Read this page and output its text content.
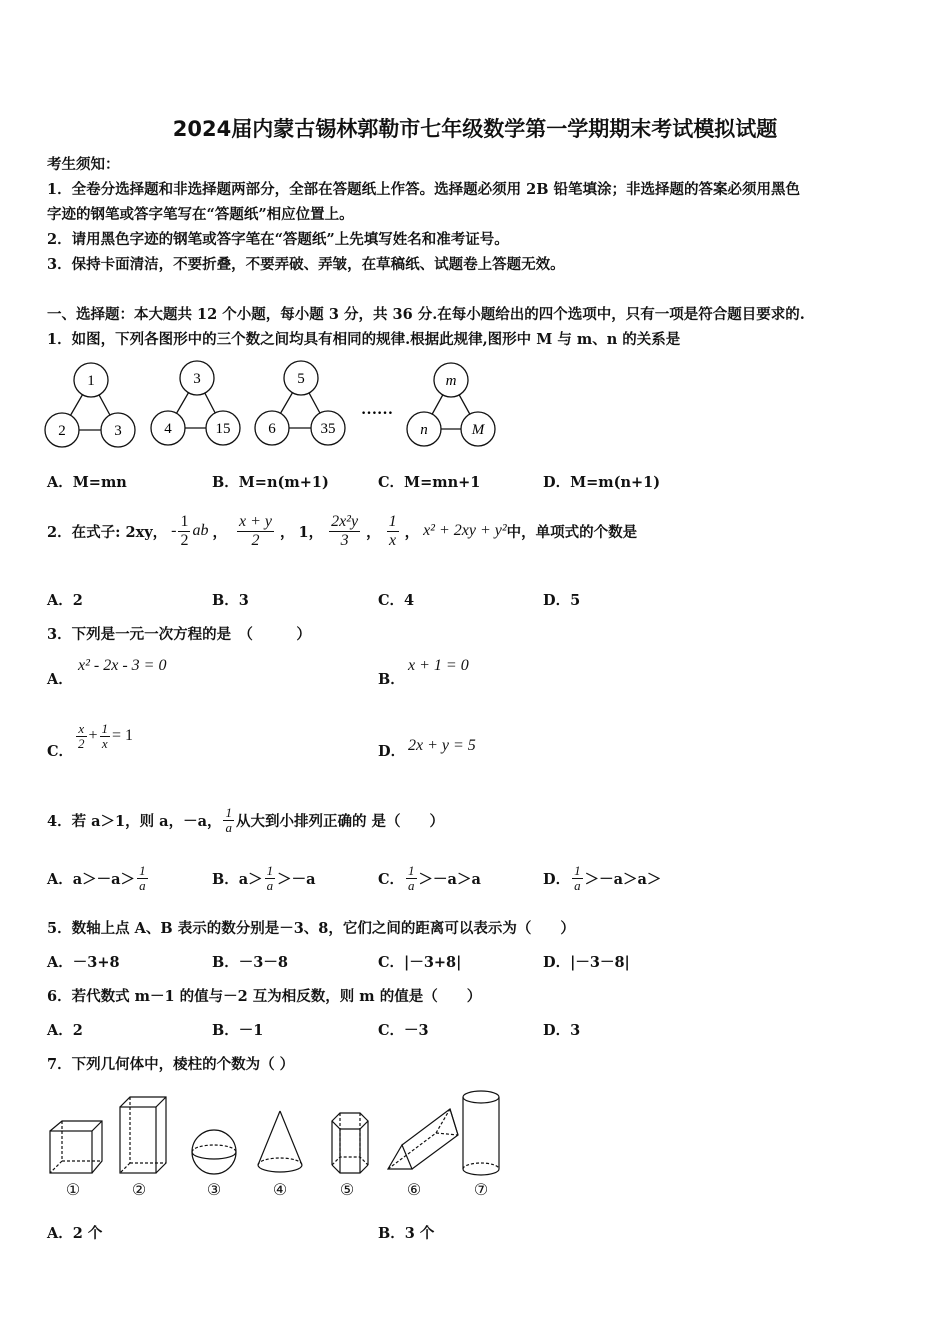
2024届内蒙古锡林郭勒市七年级数学第一学期期末考试模拟试题
考生须知：
1．全卷分选择题和非选择题两部分，全部在答题纸上作答。选择题必须用 2B 铅笔填涂；非选择题的答案必须用黑色
字迹的钢笔或答字笔写在“答题纸”相应位置上。
2．请用黑色字迹的钢笔或答字笔在“答题纸”上先填写姓名和准考证号。
3．保持卡面清洁，不要折叠，不要弄破、弄皱，在草稿纸、试题卷上答题无效。
一、选择题：本大题共 12 个小题，每小题 3 分，共 36 分.在每小题给出的四个选项中，只有一项是符合题目要求的.
1．如图，下列各图形中的三个数之间均具有相同的规律.根据此规律,图形中 M 与 m、n 的关系是
1
2	3
3
4	15
5
6	35
……
m
n	M
A．M=mn	B．M=n(m+1)	C．M=mn+1	D．M=m(n+1)
2．在式子: 2xy， - $\frac{1}{2}$ ab ， $\frac{x + y}{2}$ ， 1， $\frac{\text{2x²y}}{3}$ ， $\frac{1}{x}$ ， x² + 2xy + y² 中，单项式的个数是
A．2	B．3	C．4	D．5
3．下列是一元一次方程的是　（　　　）
A．
x² - 2x - 3 = 0
B．
x + 1 = 0
C．
$\frac{x}{2} + \frac{1}{x} = 1$
D． 2x + y = 5
4．若 a＞1，则 a，－a， $\frac{1}{a}$ 从大到小排列正确的 是（　　）
A． $a>-a> \frac{1}{a}$	B． $a> \frac{1}{a} >-a$	C． $\frac{1}{a} >-a>a$	D． $\frac{1}{a} >-a>a>$
5．数轴上点 A、B 表示的数分别是－3、8，它们之间的距离可以表示为（　　）
A．－3+8	B．－3－8	C．|－3+8|	D．|－3－8|
6．若代数式 m－1 的值与－2 互为相反数，则 m 的值是（　　）
A．2	B．－1	C．－3	D．3
7．下列几何体中，棱柱的个数为（ ）
①	②	③	④	⑤	⑥	⑦
A．2 个	B．3 个
